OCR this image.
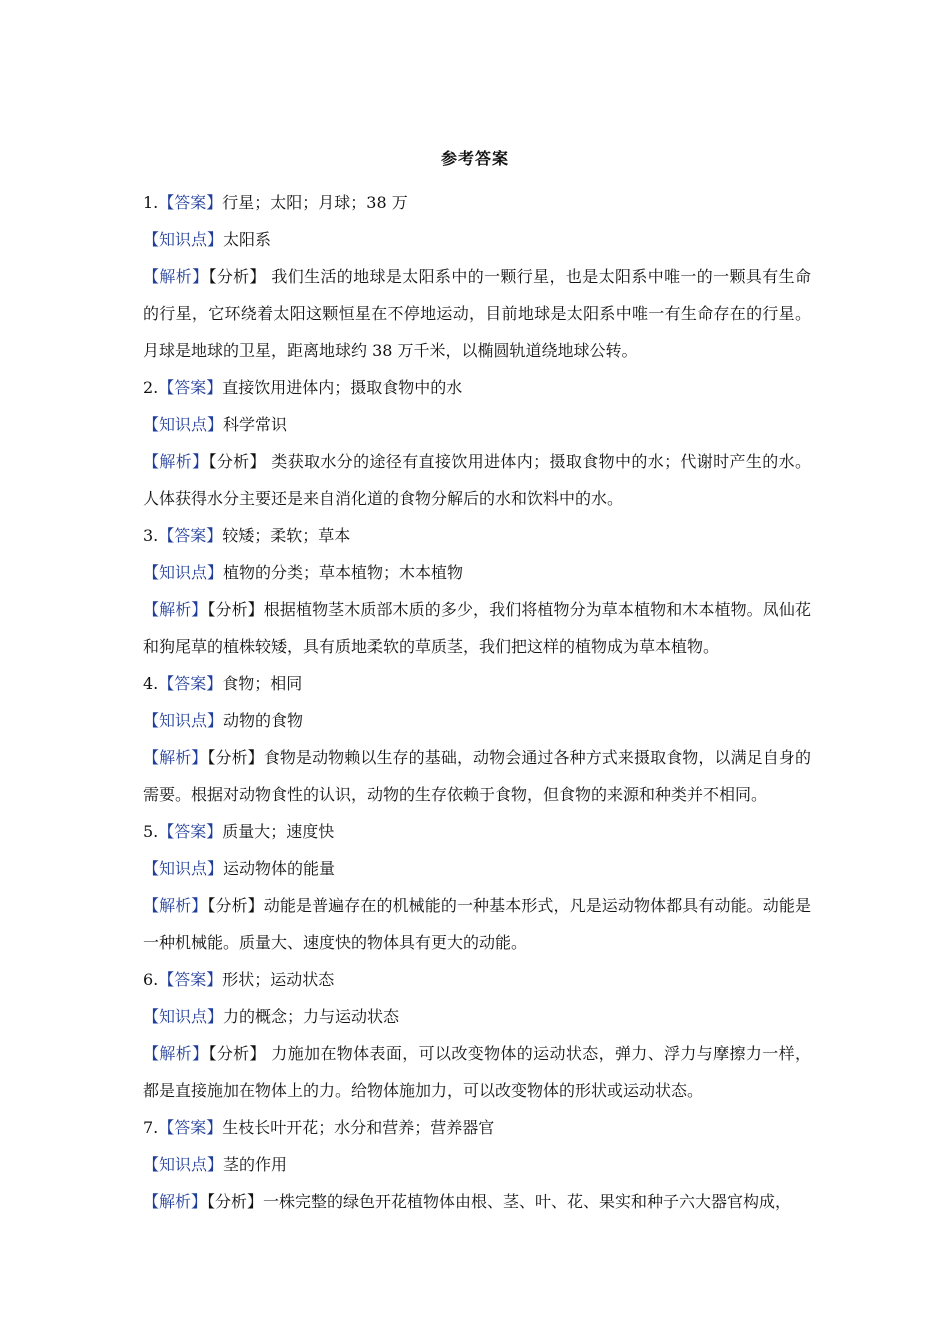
参考答案
1.【答案】行星；太阳；月球；38 万
【知识点】太阳系
【解析】【分析】 我们生活的地球是太阳系中的一颗行星，也是太阳系中唯一的一颗具有生命的行星，它环绕着太阳这颗恒星在不停地运动，目前地球是太阳系中唯一有生命存在的行星。月球是地球的卫星，距离地球约 38 万千米，以椭圆轨道绕地球公转。
2.【答案】直接饮用进体内；摄取食物中的水
【知识点】科学常识
【解析】【分析】 类获取水分的途径有直接饮用进体内；摄取食物中的水；代谢时产生的水。人体获得水分主要还是来自消化道的食物分解后的水和饮料中的水。
3.【答案】较矮；柔软；草本
【知识点】植物的分类；草本植物；木本植物
【解析】【分析】根据植物茎木质部木质的多少，我们将植物分为草本植物和木本植物。凤仙花和狗尾草的植株较矮，具有质地柔软的草质茎，我们把这样的植物成为草本植物。
4.【答案】食物；相同
【知识点】动物的食物
【解析】【分析】食物是动物赖以生存的基础，动物会通过各种方式来摄取食物，以满足自身的需要。根据对动物食性的认识，动物的生存依赖于食物，但食物的来源和种类并不相同。
5.【答案】质量大；速度快
【知识点】运动物体的能量
【解析】【分析】动能是普遍存在的机械能的一种基本形式，凡是运动物体都具有动能。动能是一种机械能。质量大、速度快的物体具有更大的动能。
6.【答案】形状；运动状态
【知识点】力的概念；力与运动状态
【解析】【分析】 力施加在物体表面，可以改变物体的运动状态，弹力、浮力与摩擦力一样，都是直接施加在物体上的力。给物体施加力，可以改变物体的形状或运动状态。
7.【答案】生枝长叶开花；水分和营养；营养器官
【知识点】茎的作用
【解析】【分析】一株完整的绿色开花植物体由根、茎、叶、花、果实和种子六大器官构成，
